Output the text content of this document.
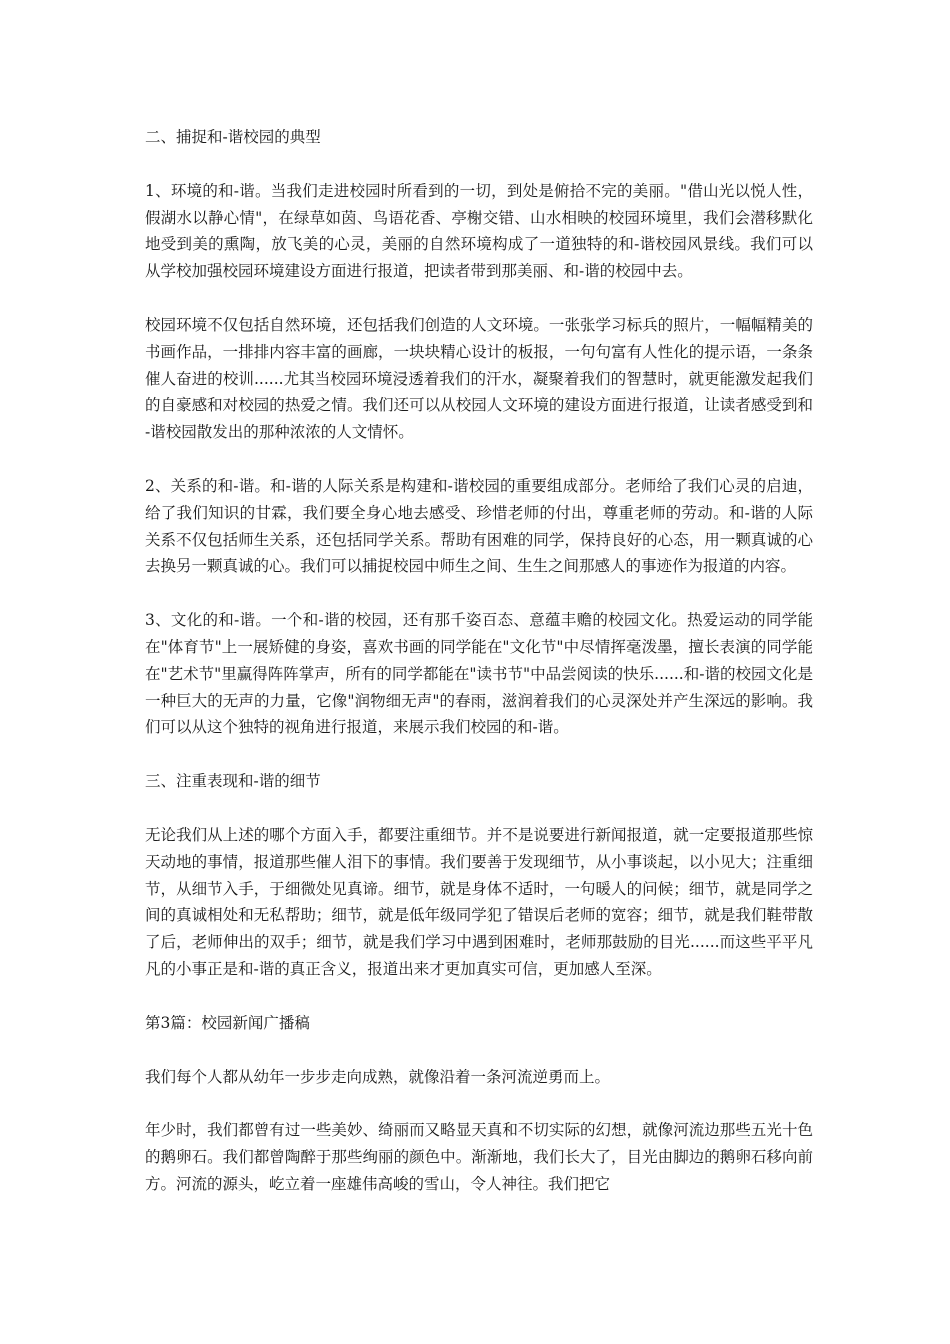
二、捕捉和-谐校园的典型

1、环境的和-谐。当我们走进校园时所看到的一切，到处是俯拾不完的美丽。"借山光以悦人性，假湖水以静心情"，在绿草如茵、鸟语花香、亭榭交错、山水相映的校园环境里，我们会潜移默化地受到美的熏陶，放飞美的心灵，美丽的自然环境构成了一道独特的和-谐校园风景线。我们可以从学校加强校园环境建设方面进行报道，把读者带到那美丽、和-谐的校园中去。

校园环境不仅包括自然环境，还包括我们创造的人文环境。一张张学习标兵的照片，一幅幅精美的书画作品，一排排内容丰富的画廊，一块块精心设计的板报，一句句富有人性化的提示语，一条条催人奋进的校训......尤其当校园环境浸透着我们的汗水，凝聚着我们的智慧时，就更能激发起我们的自豪感和对校园的热爱之情。我们还可以从校园人文环境的建设方面进行报道，让读者感受到和-谐校园散发出的那种浓浓的人文情怀。

2、关系的和-谐。和-谐的人际关系是构建和-谐校园的重要组成部分。老师给了我们心灵的启迪，给了我们知识的甘霖，我们要全身心地去感受、珍惜老师的付出，尊重老师的劳动。和-谐的人际关系不仅包括师生关系，还包括同学关系。帮助有困难的同学，保持良好的心态，用一颗真诚的心去换另一颗真诚的心。我们可以捕捉校园中师生之间、生生之间那感人的事迹作为报道的内容。

3、文化的和-谐。一个和-谐的校园，还有那千姿百态、意蕴丰赡的校园文化。热爱运动的同学能在"体育节"上一展矫健的身姿，喜欢书画的同学能在"文化节"中尽情挥毫泼墨，擅长表演的同学能在"艺术节"里赢得阵阵掌声，所有的同学都能在"读书节"中品尝阅读的快乐......和-谐的校园文化是一种巨大的无声的力量，它像"润物细无声"的春雨，滋润着我们的心灵深处并产生深远的影响。我们可以从这个独特的视角进行报道，来展示我们校园的和-谐。

三、注重表现和-谐的细节

无论我们从上述的哪个方面入手，都要注重细节。并不是说要进行新闻报道，就一定要报道那些惊天动地的事情，报道那些催人泪下的事情。我们要善于发现细节，从小事谈起，以小见大；注重细节，从细节入手，于细微处见真谛。细节，就是身体不适时，一句暖人的问候；细节，就是同学之间的真诚相处和无私帮助；细节，就是低年级同学犯了错误后老师的宽容；细节，就是我们鞋带散了后，老师伸出的双手；细节，就是我们学习中遇到困难时，老师那鼓励的目光......而这些平平凡凡的小事正是和-谐的真正含义，报道出来才更加真实可信，更加感人至深。

第3篇：校园新闻广播稿

我们每个人都从幼年一步步走向成熟，就像沿着一条河流逆勇而上。

年少时，我们都曾有过一些美妙、绮丽而又略显天真和不切实际的幻想，就像河流边那些五光十色的鹅卵石。我们都曾陶醉于那些绚丽的颜色中。渐渐地，我们长大了，目光由脚边的鹅卵石移向前方。河流的源头，屹立着一座雄伟高峻的雪山，令人神往。我们把它
